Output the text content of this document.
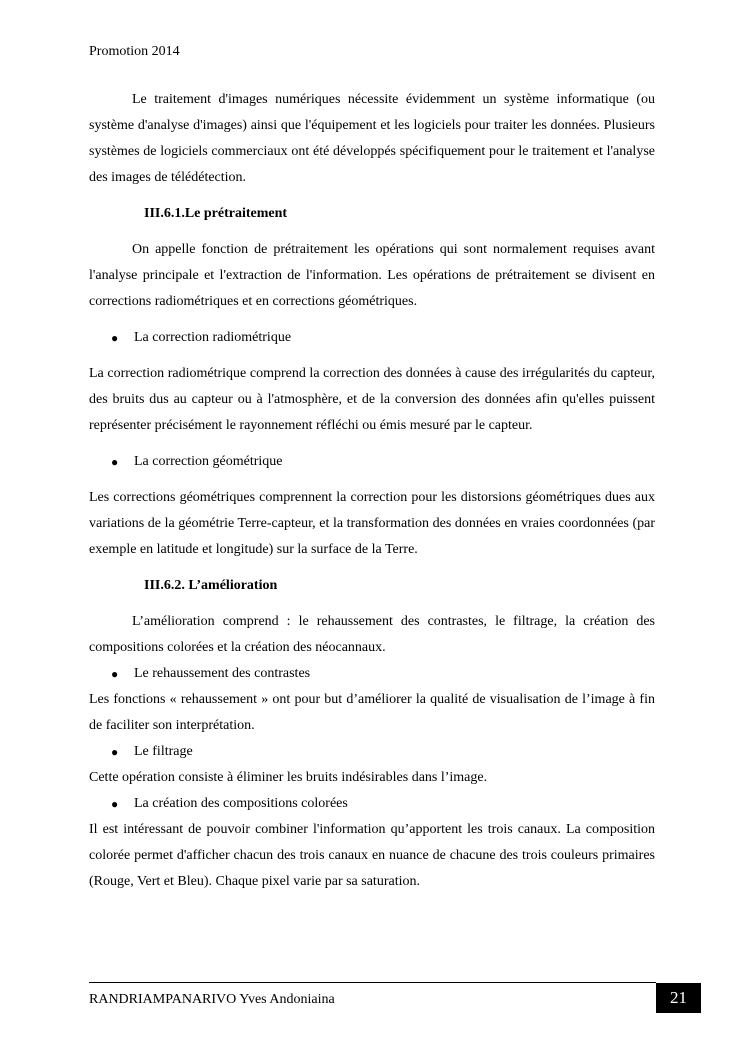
Promotion 2014

Le traitement d'images numériques nécessite évidemment un système informatique (ou système d'analyse d'images) ainsi que l'équipement et les logiciels pour traiter les données. Plusieurs systèmes de logiciels commerciaux ont été développés spécifiquement pour le traitement et l'analyse des images de télédétection.

III.6.1.Le prétraitement

On appelle fonction de prétraitement les opérations qui sont normalement requises avant l'analyse principale et l'extraction de l'information. Les opérations de prétraitement se divisent en corrections radiométriques et en corrections géométriques.

● La correction radiométrique

La correction radiométrique comprend la correction des données à cause des irrégularités du capteur, des bruits dus au capteur ou à l'atmosphère, et de la conversion des données afin qu'elles puissent représenter précisément le rayonnement réfléchi ou émis mesuré par le capteur.

● La correction géométrique

Les corrections géométriques comprennent la correction pour les distorsions géométriques dues aux variations de la géométrie Terre-capteur, et la transformation des données en vraies coordonnées (par exemple en latitude et longitude) sur la surface de la Terre.

III.6.2. L’amélioration

L’amélioration comprend : le rehaussement des contrastes, le filtrage, la création des compositions colorées et la création des néocannaux.

● Le rehaussement des contrastes

Les fonctions « rehaussement » ont pour but d’améliorer la qualité de visualisation de l’image à fin de faciliter son interprétation.

● Le filtrage

Cette opération consiste à éliminer les bruits indésirables dans l’image.

● La création des compositions colorées

Il est intéressant de pouvoir combiner l'information qu’apportent les trois canaux. La composition colorée permet d'afficher chacun des trois canaux en nuance de chacune des trois couleurs primaires (Rouge, Vert et Bleu). Chaque pixel varie par sa saturation.

RANDRIAMPANARIVO Yves Andoniaina	21
